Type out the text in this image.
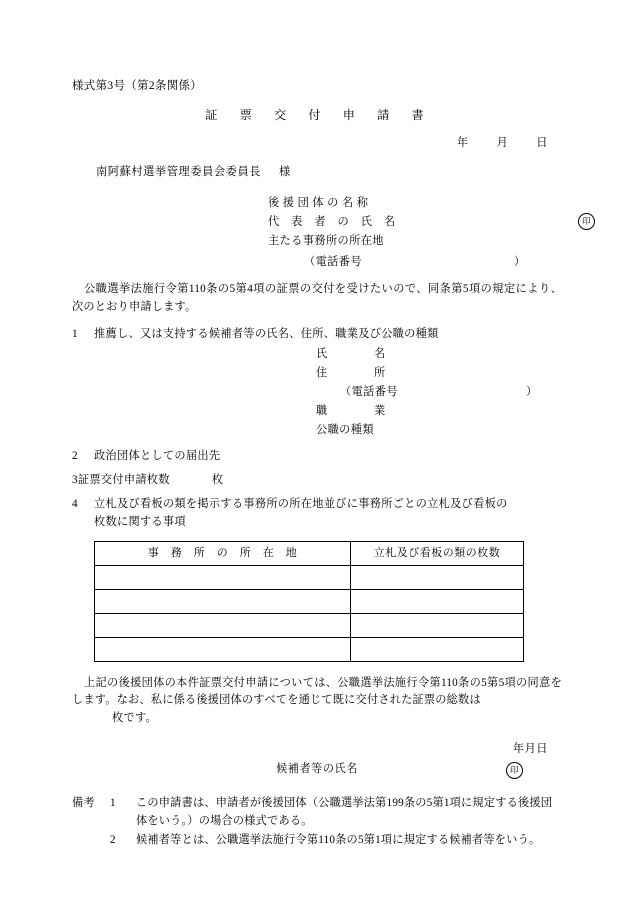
様式第3号（第2条関係）
証　票　交　付　申　請　書
年	月	日
南阿蘇村選挙管理委員会委員長 様
後 援 団 体 の 名 称
代　表　者　の　氏　名	印
主たる事務所の所在地
（電話番号	）
公職選挙法施行令第110条の5第4項の証票の交付を受けたいので、同条第5項の規定により、次のとおり申請します。
1 推薦し、又は支持する候補者等の氏名、住所、職業及び公職の種類
氏　　　　名
住　　　　所
（電話番号	）
職　　　　業
公職の種類
2 政治団体としての届出先
3証票交付申請枚数	枚
4 立札及び看板の類を掲示する事務所の所在地並びに事務所ごとの立札及び看板の
枚数に関する事項
事　務　所　の　所　在　地	立札及び看板の類の枚数

上記の後援団体の本件証票交付申請については、公職選挙法施行令第110条の5第5項の同意をします。なお、私に係る後援団体のすべてを通じて既に交付された証票の総数は
枚です。
年月日
候補者等の氏名	印
備考	1	この申請書は、申請者が後援団体（公職選挙法第199条の5第1項に規定する後援団
体をいう。）の場合の様式である。
2	候補者等とは、公職選挙法施行令第110条の5第1項に規定する候補者等をいう。
